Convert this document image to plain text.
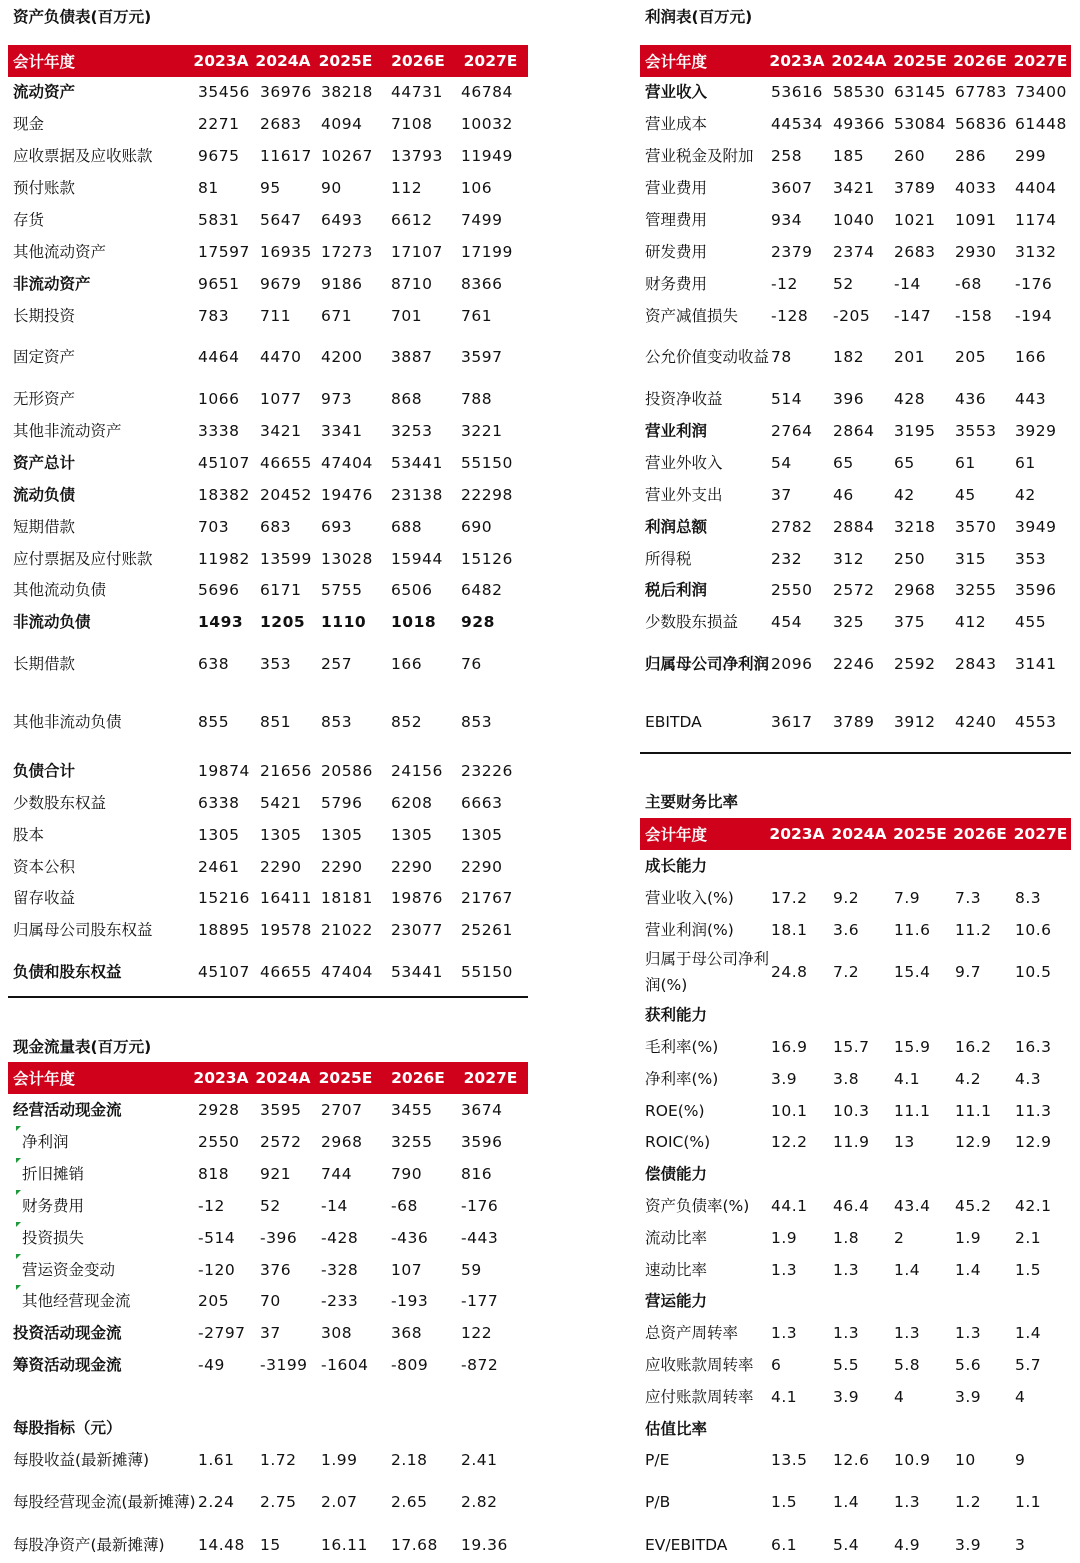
资产负债表(百万元)
会计年度	2023A 2024A 2025E	2026E	2027E
流动资产	35456 36976 38218 44731 46784
现金	2271 2683 4094 7108 10032
应收票据及应收账款	9675 11617 10267 13793 11949
预付账款	81	95	90	112	106
存货	5831 5647 6493 6612 7499
其他流动资产	17597 16935 17273 17107 17199
非流动资产	9651 9679 9186 8710 8366
长期投资	783 711 671	701	761
固定资产	4464 4470 4200 3887 3597
无形资产	1066 1077 973	868	788
其他非流动资产	3338 3421 3341 3253 3221
资产总计	45107 46655 47404 53441 55150
流动负债	18382 20452 19476 23138 22298
短期借款	703 683 693	688	690
应付票据及应付账款	11982 13599 13028 15944 15126
其他流动负债	5696 6171 5755 6506 6482
非流动负债	1493 1205 1110 1018 928
长期借款	638 353 257	166	76
其他非流动负债	855 851 853	852	853
负债合计	19874 21656 20586 24156 23226
少数股东权益	6338 5421 5796 6208 6663
股本	1305 1305 1305 1305 1305
资本公积	2461 2290 2290 2290 2290
留存收益	15216 16411 18181 19876 21767
归属母公司股东权益	18895 19578 21022 23077 25261
负债和股东权益	45107 46655 47404 53441 55150
现金流量表(百万元)
会计年度	2023A 2024A 2025E	2026E	2027E
经营活动现金流	2928 3595 2707 3455 3674
净利润	2550 2572 2968 3255 3596
折旧摊销	818 921 744	790	816
财务费用	-12 52	-14	-68	-176
投资损失	-514 -396 -428 -436 -443
营运资金变动	-120 376 -328 107	59
其他经营现金流	205 70	-233 -193 -177
投资活动现金流	-2797 37	308	368	122
筹资活动现金流	-49 -3199 -1604 -809 -872
每股指标（元）
每股收益(最新摊薄)	1.61 1.72 1.99 2.18 2.41
每股经营现金流(最新摊薄) 2.24 2.75 2.07 2.65 2.82
每股净资产(最新摊薄)	14.48 15	16.11 17.68 19.36
利润表(百万元)
会计年度	2023A 2024A 2025E 2026E 2027E
营业收入	53616 58530 63145 67783 73400
营业成本	44534 49366 53084 56836 61448
营业税金及附加	258 185 260 286 299
营业费用	3607 3421 3789 4033 4404
管理费用	934 1040 1021 1091 1174
研发费用	2379 2374 2683 2930 3132
财务费用	-12 52	-14 -68 -176
资产减值损失	-128 -205 -147 -158 -194
公允价值变动收益 78	182 201 205 166
投资净收益	514 396 428 436 443
营业利润	2764 2864 3195 3553 3929
营业外收入	54	65	65	61	61
营业外支出	37	46	42	45	42
利润总额	2782 2884 3218 3570 3949
所得税	232 312 250 315 353
税后利润	2550 2572 2968 3255 3596
少数股东损益	454 325 375 412 455
归属母公司净利润 2096 2246 2592 2843 3141
EBITDA	3617 3789 3912 4240 4553
主要财务比率
会计年度	2023A 2024A 2025E 2026E 2027E
成长能力
营业收入(%)	17.2 9.2 7.9 7.3 8.3
营业利润(%)	18.1 3.6 11.6 11.2 10.6
归属于母公司净利润(%)
24.8 7.2 15.4 9.7 10.5
获利能力
毛利率(%)	16.9 15.7 15.9 16.2 16.3
净利率(%)	3.9 3.8 4.1 4.2 4.3
ROE(%)	10.1 10.3 11.1 11.1 11.3
ROIC(%)	12.2 11.9 13	12.9 12.9
偿债能力
资产负债率(%)	44.1 46.4 43.4 45.2 42.1
流动比率	1.9 1.8 2	1.9 2.1
速动比率	1.3 1.3 1.4 1.4 1.5
营运能力
总资产周转率	1.3 1.3 1.3 1.3 1.4
应收账款周转率	6	5.5 5.8 5.6 5.7
应付账款周转率	4.1 3.9 4	3.9 4
估值比率
P/E	13.5 12.6 10.9 10	9
P/B	1.5 1.4 1.3 1.2 1.1
EV/EBITDA	6.1 5.4 4.9 3.9 3
